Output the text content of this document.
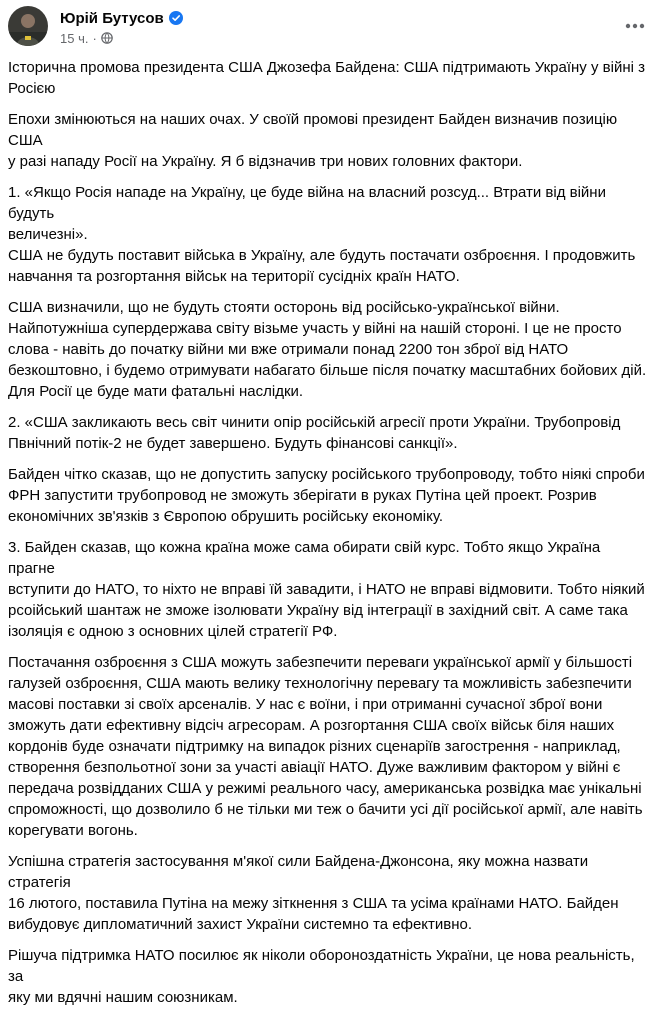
Юрій Бутусов
15 ч. ·

Історична промова президента США Джозефа Байдена: США підтримають Україну у війні з
Росією

Епохи змінюються на наших очах. У своїй промові президент Байден визначив позицію США
у разі нападу Росії на Україну. Я б відзначив три нових головних фактори.

1. «Якщо Росія нападе на Україну, це буде війна на власний розсуд... Втрати від війни будуть
величезні».
США не будуть поставит війська в Україну, але будуть постачати озброєння. І продовжить
навчання та розгортання військ на території сусідніх країн НАТО.

США визначили, що не будуть стояти осторонь від російсько-української війни.
Найпотужніша супердержава світу візьме участь у війні на нашій стороні. І це не просто
слова - навіть до початку війни ми вже отримали понад 2200 тон зброї від НАТО
безкоштовно, і будемо отримувати набагато більше після початку масштабних бойових дій.
Для Росії це буде мати фатальні наслідки.

2. «США закликають весь світ чинити опір російській агресії проти України. Трубопровід
Пвнічний потік-2 не будет завершено. Будуть фінансові санкції».

Байден чітко сказав, що не допустить запуску російського трубопроводу, тобто ніякі спроби
ФРН запустити трубопровод не зможуть зберігати в руках Путіна цей проект. Розрив
економічних зв'язків з Європою обрушить російську економіку.

3. Байден сказав, що кожна країна може сама обирати свій курс. Тобто якщо Україна прагне
вступити до НАТО, то ніхто не вправі їй завадити, і НАТО не вправі відмовити. Тобто ніякий
рсоійський шантаж не зможе ізолювати Україну від інтеграції в західний світ. А саме така
ізоляція є одною з основних цілей стратегії РФ.

Постачання озброєння з США можуть забезпечити переваги української армії у більшості
галузей озброєння, США мають велику технологічну перевагу та можливість забезпечити
масові поставки зі своїх арсеналів. У нас є воїни, і при отриманні сучасної зброї вони
зможуть дати ефективну відсіч агресорам. А розгортання США своїх військ біля наших
кордонів буде означати підтримку на випадок різних сценаріїв загострення - наприклад,
створення безпольотної зони за участі авіації НАТО. Дуже важливим фактором у війні є
передача розвідданих США у режимі реального часу, американська розвідка має унікальні
спроможності, що дозволило б не тільки ми теж о бачити усі дії російської армії, але навіть
корегувати вогонь.

Успішна стратегія застосування м'якої сили Байдена-Джонсона, яку можна назвати стратегія
16 лютого, поставила Путіна на межу зіткнення з США та усіма країнами НАТО. Байден
вибудовує дипломатичний захист України системно та ефективно.

Рішуча підтримка НАТО посилює як ніколи обороноздатність України, це нова реальність, за
яку ми вдячні нашим союзникам.
